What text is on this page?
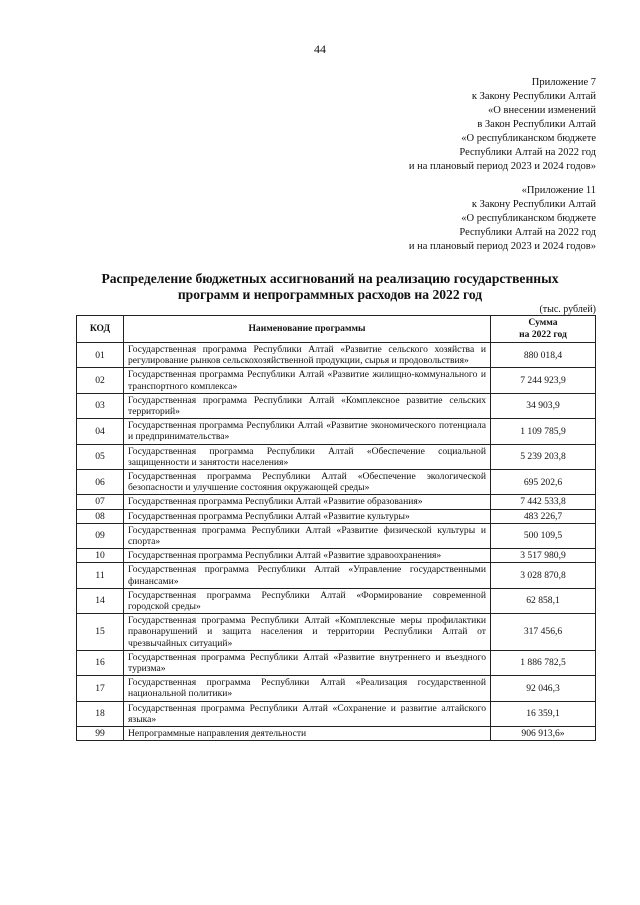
44
Приложение 7
к Закону Республики Алтай
«О внесении изменений
в Закон Республики Алтай
«О республиканском бюджете
Республики Алтай на 2022 год
и на плановый период 2023 и 2024 годов»
«Приложение 11
к Закону Республики Алтай
«О республиканском бюджете
Республики Алтай на 2022 год
и на плановый период 2023 и 2024 годов»
Распределение бюджетных ассигнований на реализацию государственных
программ и непрограммных расходов на 2022 год
(тыс. рублей)
КОД	Наименование программы	Сумма
на 2022 год

01	Государственная программа Республики Алтай «Развитие сельского хозяйства и регулирование рынков сельскохозяйственной продукции, сырья и продовольствия»	880 018,4
02	Государственная программа Республики Алтай «Развитие жилищно-коммунального и транспортного комплекса»	7 244 923,9
03	Государственная программа Республики Алтай «Комплексное развитие сельских территорий»	34 903,9
04	Государственная программа Республики Алтай «Развитие экономического потенциала и предпринимательства»	1 109 785,9
05	Государственная программа Республики Алтай «Обеспечение социальной защищенности и занятости населения»	5 239 203,8
06	Государственная программа Республики Алтай «Обеспечение экологической безопасности и улучшение состояния окружающей среды»	695 202,6
07	Государственная программа Республики Алтай «Развитие образования»	7 442 533,8
08	Государственная программа Республики Алтай «Развитие культуры»	483 226,7
09	Государственная программа Республики Алтай «Развитие физической культуры и спорта»	500 109,5
10	Государственная программа Республики Алтай «Развитие здравоохранения»	3 517 980,9
11	Государственная программа Республики Алтай «Управление государственными финансами»	3 028 870,8
14	Государственная программа Республики Алтай «Формирование современной городской среды»	62 858,1
15	Государственная программа Республики Алтай «Комплексные меры профилактики правонарушений и защита населения и территории Республики Алтай от чрезвычайных ситуаций»	317 456,6
16	Государственная программа Республики Алтай «Развитие внутреннего и въездного туризма»	1 886 782,5
17	Государственная программа Республики Алтай «Реализация государственной национальной политики»	92 046,3
18	Государственная программа Республики Алтай «Сохранение и развитие алтайского языка»	16 359,1
99	Непрограммные направления деятельности	906 913,6»
